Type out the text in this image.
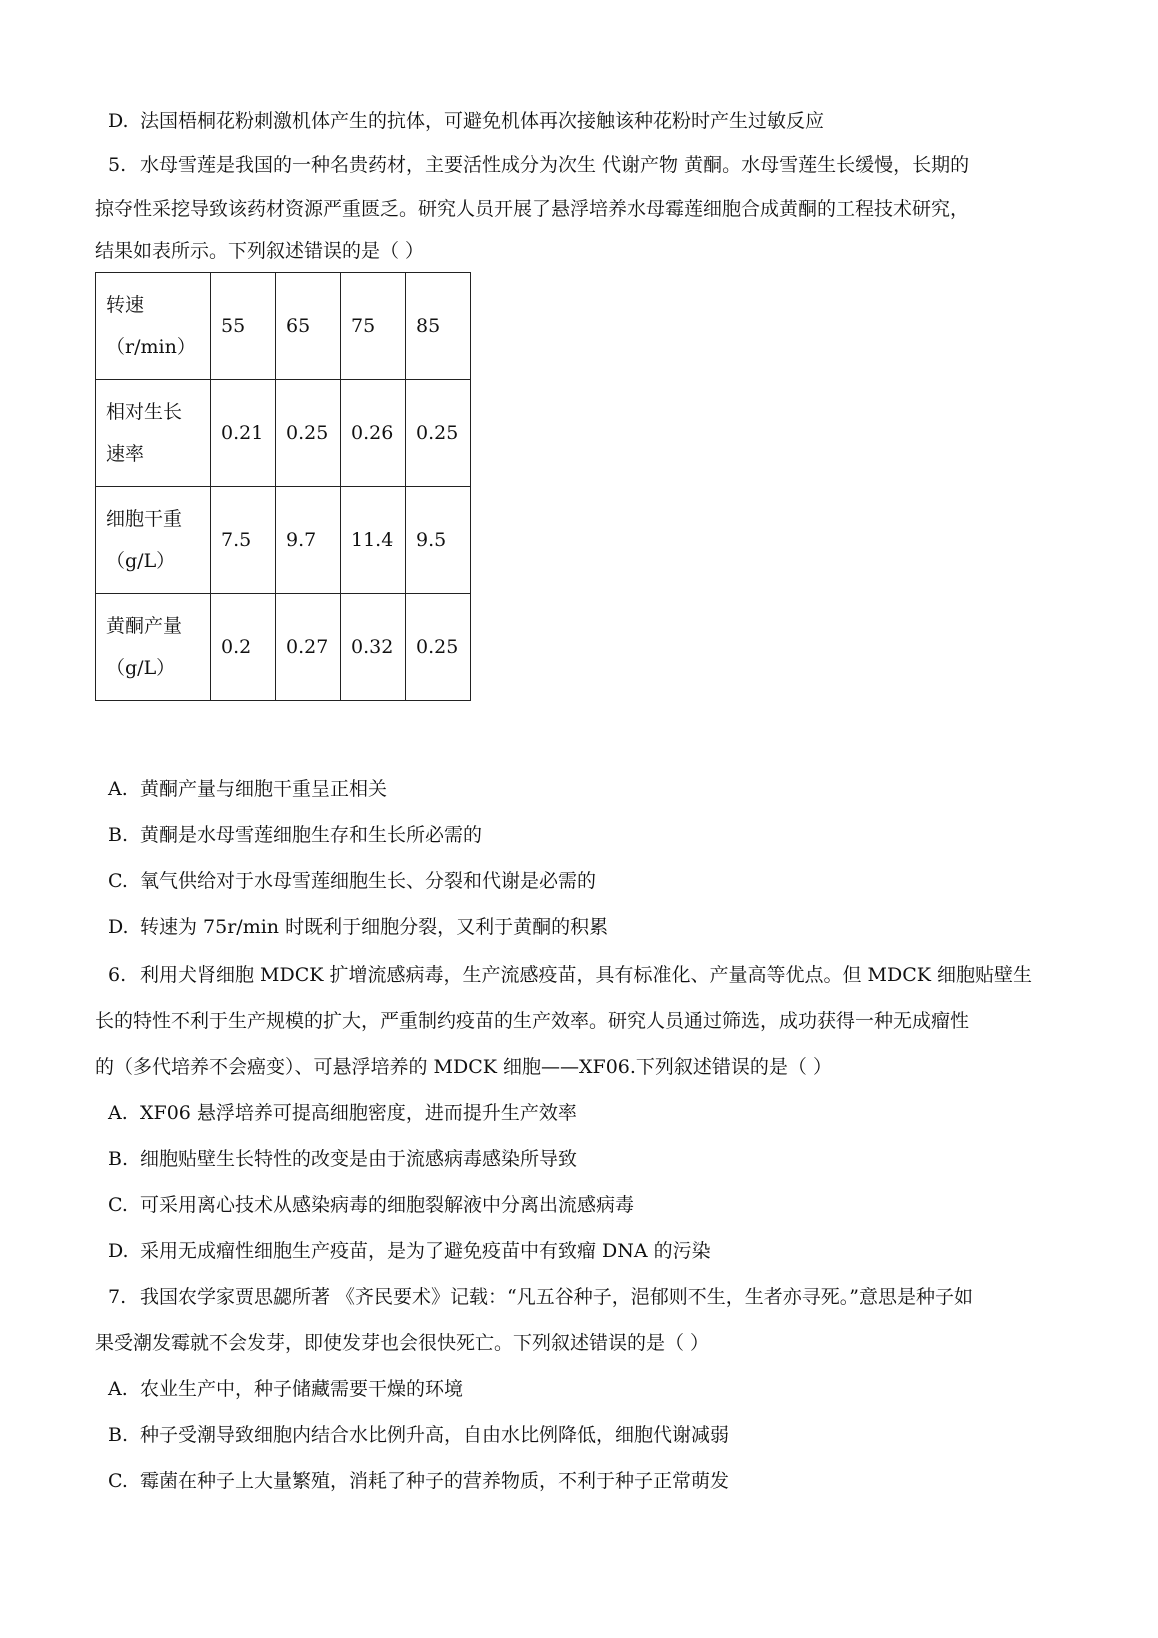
D. 法国梧桐花粉刺激机体产生的抗体，可避免机体再次接触该种花粉时产生过敏反应
5. 水母雪莲是我国的一种名贵药材，主要活性成分为次生 代谢产物 黄酮。水母雪莲生长缓慢，长期的
掠夺性采挖导致该药材资源严重匮乏。研究人员开展了悬浮培养水母霉莲细胞合成黄酮的工程技术研究，
结果如表所示。下列叙述错误的是（ ）
转速
（r/min）	55	65	75	85

相对生长
速率	0.21	0.25	0.26	0.25

细胞干重
（g/L）	7.5	9.7	11.4	9.5

黄酮产量
（g/L）	0.2	0.27	0.32	0.25
A. 黄酮产量与细胞干重呈正相关
B. 黄酮是水母雪莲细胞生存和生长所必需的
C. 氧气供给对于水母雪莲细胞生长、分裂和代谢是必需的
D. 转速为 75r/min 时既利于细胞分裂，又利于黄酮的积累
6. 利用犬肾细胞 MDCK 扩增流感病毒，生产流感疫苗，具有标准化、产量高等优点。但 MDCK 细胞贴壁生
长的特性不利于生产规模的扩大，严重制约疫苗的生产效率。研究人员通过筛选，成功获得一种无成瘤性
的（多代培养不会癌变）、可悬浮培养的 MDCK 细胞——XF06.下列叙述错误的是（ ）
A. XF06 悬浮培养可提高细胞密度，进而提升生产效率
B. 细胞贴壁生长特性的改变是由于流感病毒感染所导致
C. 可采用离心技术从感染病毒的细胞裂解液中分离出流感病毒
D. 采用无成瘤性细胞生产疫苗，是为了避免疫苗中有致瘤 DNA 的污染
7. 我国农学家贾思勰所著 《齐民要术》记载：“凡五谷种子，浥郁则不生，生者亦寻死。”意思是种子如
果受潮发霉就不会发芽，即使发芽也会很快死亡。下列叙述错误的是（ ）
A. 农业生产中，种子储藏需要干燥的环境
B. 种子受潮导致细胞内结合水比例升高，自由水比例降低，细胞代谢减弱
C. 霉菌在种子上大量繁殖，消耗了种子的营养物质，不利于种子正常萌发
